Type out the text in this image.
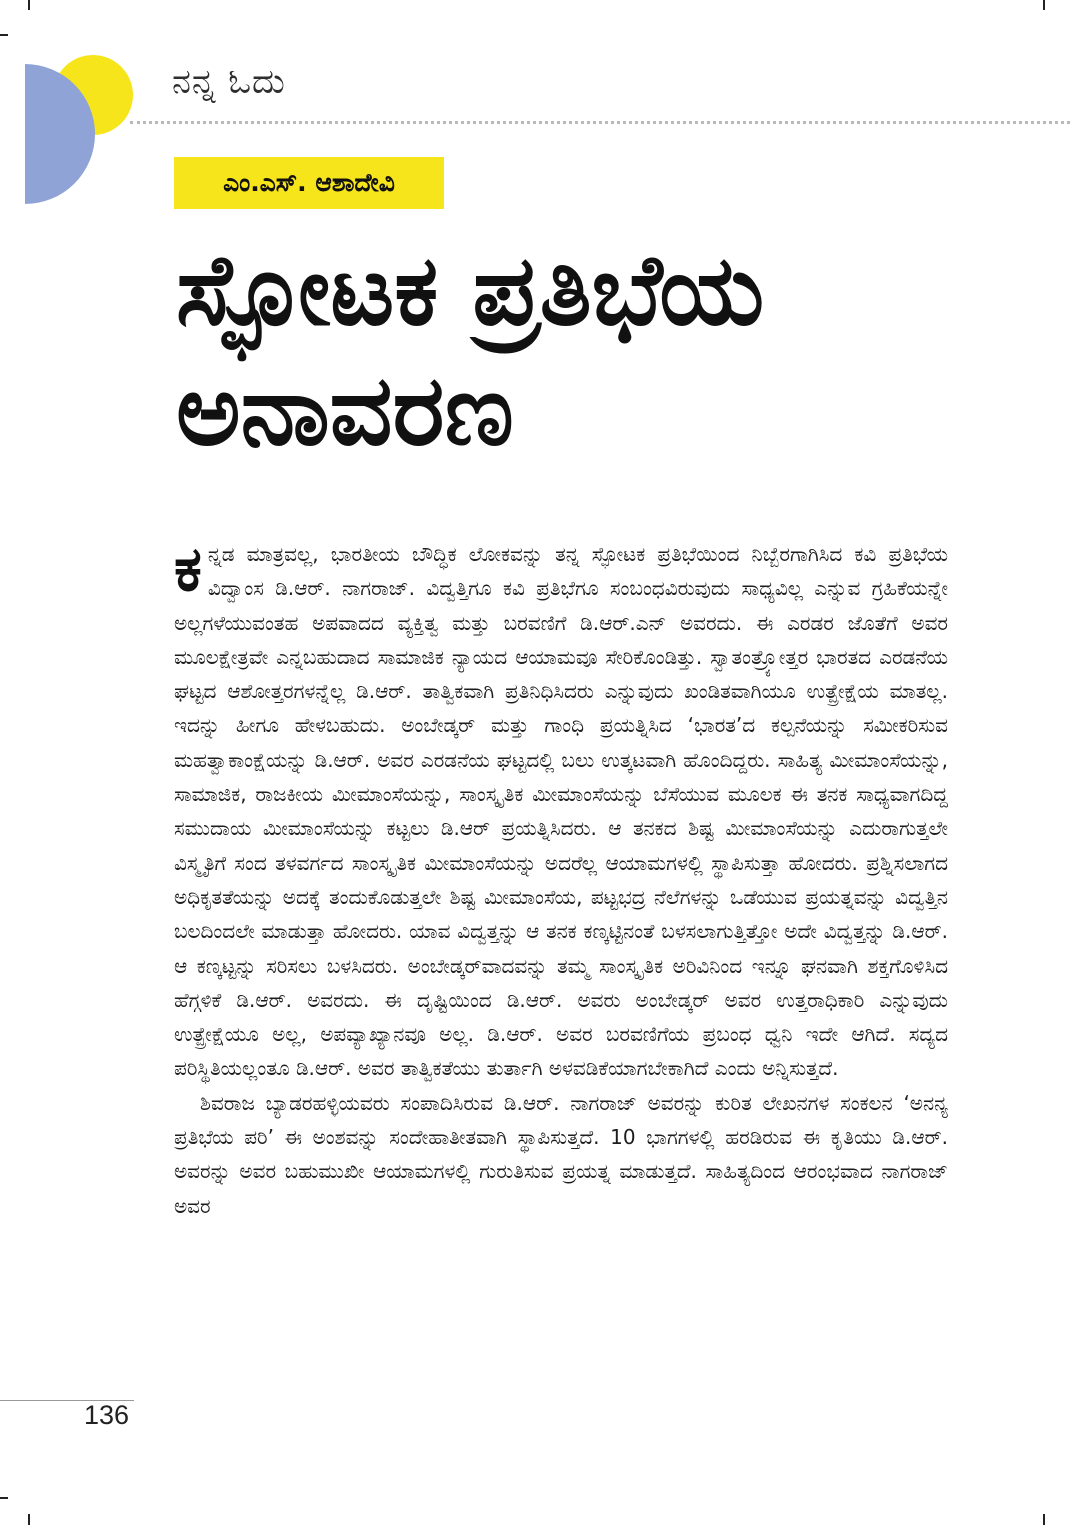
ನನ್ನ ಓದು
ಎಂ.ಎಸ್. ಆಶಾದೇವಿ
ಸ್ಫೋಟಕ ಪ್ರತಿಭೆಯ ಅನಾವರಣ

ಕನ್ನಡ ಮಾತ್ರವಲ್ಲ, ಭಾರತೀಯ ಬೌದ್ಧಿಕ ಲೋಕವನ್ನು ತನ್ನ ಸ್ಫೋಟಕ ಪ್ರತಿಭೆಯಿಂದ ನಿಬ್ಬೆರಗಾಗಿಸಿದ ಕವಿ ಪ್ರತಿಭೆಯ ವಿದ್ವಾಂಸ ಡಿ.ಆರ್. ನಾಗರಾಜ್. ವಿದ್ವತ್ತಿಗೂ ಕವಿ ಪ್ರತಿಭೆಗೂ ಸಂಬಂಧವಿರುವುದು ಸಾಧ್ಯವಿಲ್ಲ ಎನ್ನುವ ಗ್ರಹಿಕೆಯನ್ನೇ ಅಲ್ಲಗಳೆಯುವಂತಹ ಅಪವಾದದ ವ್ಯಕ್ತಿತ್ವ ಮತ್ತು ಬರವಣಿಗೆ ಡಿ.ಆರ್.ಎನ್ ಅವರದು. ಈ ಎರಡರ ಜೊತೆಗೆ ಅವರ ಮೂಲಕ್ಷೇತ್ರವೇ ಎನ್ನಬಹುದಾದ ಸಾಮಾಜಿಕ ನ್ಯಾಯದ ಆಯಾಮವೂ ಸೇರಿಕೊಂಡಿತ್ತು. ಸ್ವಾತಂತ್ರ್ಯೋತ್ತರ ಭಾರತದ ಎರಡನೆಯ ಘಟ್ಟದ ಆಶೋತ್ತರಗಳನ್ನೆಲ್ಲ ಡಿ.ಆರ್. ತಾತ್ವಿಕವಾಗಿ ಪ್ರತಿನಿಧಿಸಿದರು ಎನ್ನುವುದು ಖಂಡಿತವಾಗಿಯೂ ಉತ್ಪ್ರೇಕ್ಷೆಯ ಮಾತಲ್ಲ. ಇದನ್ನು ಹೀಗೂ ಹೇಳಬಹುದು. ಅಂಬೇಡ್ಕರ್ ಮತ್ತು ಗಾಂಧಿ ಪ್ರಯತ್ನಿಸಿದ ‘ಭಾರತ’ದ ಕಲ್ಪನೆಯನ್ನು ಸಮೀಕರಿಸುವ ಮಹತ್ವಾಕಾಂಕ್ಷೆಯನ್ನು ಡಿ.ಆರ್. ಅವರ ಎರಡನೆಯ ಘಟ್ಟದಲ್ಲಿ ಬಲು ಉತ್ಕಟವಾಗಿ ಹೊಂದಿದ್ದರು. ಸಾಹಿತ್ಯ ಮೀಮಾಂಸೆಯನ್ನು, ಸಾಮಾಜಿಕ, ರಾಜಕೀಯ ಮೀಮಾಂಸೆಯನ್ನು, ಸಾಂಸ್ಕೃತಿಕ ಮೀಮಾಂಸೆಯನ್ನು ಬೆಸೆಯುವ ಮೂಲಕ ಈ ತನಕ ಸಾಧ್ಯವಾಗದಿದ್ದ ಸಮುದಾಯ ಮೀಮಾಂಸೆಯನ್ನು ಕಟ್ಟಲು ಡಿ.ಆರ್ ಪ್ರಯತ್ನಿಸಿದರು. ಆ ತನಕದ ಶಿಷ್ಟ ಮೀಮಾಂಸೆಯನ್ನು ಎದುರಾಗುತ್ತಲೇ ವಿಸ್ಮೃತಿಗೆ ಸಂದ ತಳವರ್ಗದ ಸಾಂಸ್ಕೃತಿಕ ಮೀಮಾಂಸೆಯನ್ನು ಅದರೆಲ್ಲ ಆಯಾಮಗಳಲ್ಲಿ ಸ್ಥಾಪಿಸುತ್ತಾ ಹೋದರು. ಪ್ರಶ್ನಿಸಲಾಗದ ಅಧಿಕೃತತೆಯನ್ನು ಅದಕ್ಕೆ ತಂದುಕೊಡುತ್ತಲೇ ಶಿಷ್ಟ ಮೀಮಾಂಸೆಯ, ಪಟ್ಟಭದ್ರ ನೆಲೆಗಳನ್ನು ಒಡೆಯುವ ಪ್ರಯತ್ನವನ್ನು ವಿದ್ವತ್ತಿನ ಬಲದಿಂದಲೇ ಮಾಡುತ್ತಾ ಹೋದರು. ಯಾವ ವಿದ್ವತ್ತನ್ನು ಆ ತನಕ ಕಣ್ಕಟ್ಟಿನಂತೆ ಬಳಸಲಾಗುತ್ತಿತ್ತೋ ಅದೇ ವಿದ್ವತ್ತನ್ನು ಡಿ.ಆರ್. ಆ ಕಣ್ಕಟ್ಟನ್ನು ಸರಿಸಲು ಬಳಸಿದರು. ಅಂಬೇಡ್ಕರ್‌ವಾದವನ್ನು ತಮ್ಮ ಸಾಂಸ್ಕೃತಿಕ ಅರಿವಿನಿಂದ ಇನ್ನೂ ಘನವಾಗಿ ಶಕ್ತಗೊಳಿಸಿದ ಹೆಗ್ಗಳಿಕೆ ಡಿ.ಆರ್. ಅವರದು. ಈ ದೃಷ್ಟಿಯಿಂದ ಡಿ.ಆರ್. ಅವರು ಅಂಬೇಡ್ಕರ್ ಅವರ ಉತ್ತರಾಧಿಕಾರಿ ಎನ್ನುವುದು ಉತ್ಪ್ರೇಕ್ಷೆಯೂ ಅಲ್ಲ, ಅಪವ್ಯಾಖ್ಯಾನವೂ ಅಲ್ಲ. ಡಿ.ಆರ್. ಅವರ ಬರವಣಿಗೆಯ ಪ್ರಬಂಧ ಧ್ವನಿ ಇದೇ ಆಗಿದೆ. ಸದ್ಯದ ಪರಿಸ್ಥಿತಿಯಲ್ಲಂತೂ ಡಿ.ಆರ್. ಅವರ ತಾತ್ವಿಕತೆಯು ತುರ್ತಾಗಿ ಅಳವಡಿಕೆಯಾಗಬೇಕಾಗಿದೆ ಎಂದು ಅನ್ನಿಸುತ್ತದೆ.

ಶಿವರಾಜ ಬ್ಯಾಡರಹಳ್ಳಿಯವರು ಸಂಪಾದಿಸಿರುವ ಡಿ.ಆರ್. ನಾಗರಾಜ್ ಅವರನ್ನು ಕುರಿತ ಲೇಖನಗಳ ಸಂಕಲನ ‘ಅನನ್ಯ ಪ್ರತಿಭೆಯ ಪರಿ’ ಈ ಅಂಶವನ್ನು ಸಂದೇಹಾತೀತವಾಗಿ ಸ್ಥಾಪಿಸುತ್ತದೆ. 10 ಭಾಗಗಳಲ್ಲಿ ಹರಡಿರುವ ಈ ಕೃತಿಯು ಡಿ.ಆರ್. ಅವರನ್ನು ಅವರ ಬಹುಮುಖೀ ಆಯಾಮಗಳಲ್ಲಿ ಗುರುತಿಸುವ ಪ್ರಯತ್ನ ಮಾಡುತ್ತದೆ. ಸಾಹಿತ್ಯದಿಂದ ಆರಂಭವಾದ ನಾಗರಾಜ್ ಅವರ

136
